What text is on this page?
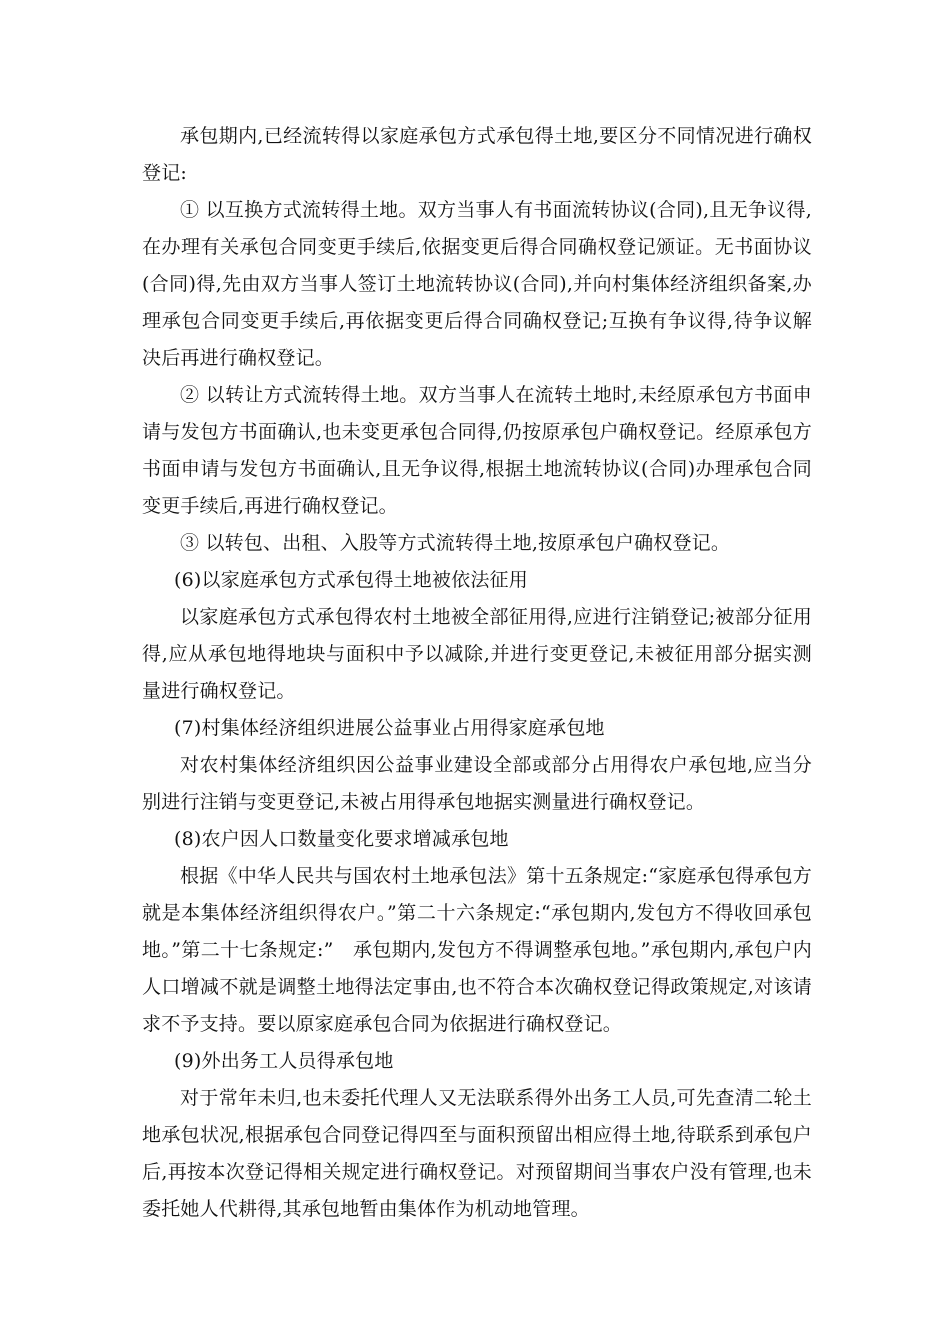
承包期内,已经流转得以家庭承包方式承包得土地,要区分不同情况进行确权登记:

① 以互换方式流转得土地。双方当事人有书面流转协议(合同),且无争议得,在办理有关承包合同变更手续后,依据变更后得合同确权登记颁证。无书面协议(合同)得,先由双方当事人签订土地流转协议(合同),并向村集体经济组织备案,办理承包合同变更手续后,再依据变更后得合同确权登记;互换有争议得,待争议解决后再进行确权登记。

② 以转让方式流转得土地。双方当事人在流转土地时,未经原承包方书面申请与发包方书面确认,也未变更承包合同得,仍按原承包户确权登记。经原承包方书面申请与发包方书面确认,且无争议得,根据土地流转协议(合同)办理承包合同变更手续后,再进行确权登记。

③ 以转包、出租、入股等方式流转得土地,按原承包户确权登记。

(6)以家庭承包方式承包得土地被依法征用

以家庭承包方式承包得农村土地被全部征用得,应进行注销登记;被部分征用得,应从承包地得地块与面积中予以减除,并进行变更登记,未被征用部分据实测量进行确权登记。

(7)村集体经济组织进展公益事业占用得家庭承包地

对农村集体经济组织因公益事业建设全部或部分占用得农户承包地,应当分别进行注销与变更登记,未被占用得承包地据实测量进行确权登记。

(8)农户因人口数量变化要求增减承包地

根据《中华人民共与国农村土地承包法》第十五条规定:“家庭承包得承包方就是本集体经济组织得农户。”第二十六条规定:“承包期内,发包方不得收回承包地。”第二十七条规定:”　承包期内,发包方不得调整承包地。”承包期内,承包户内人口增减不就是调整土地得法定事由,也不符合本次确权登记得政策规定,对该请求不予支持。要以原家庭承包合同为依据进行确权登记。

(9)外出务工人员得承包地

对于常年未归,也未委托代理人又无法联系得外出务工人员,可先查清二轮土地承包状况,根据承包合同登记得四至与面积预留出相应得土地,待联系到承包户后,再按本次登记得相关规定进行确权登记。对预留期间当事农户没有管理,也未委托她人代耕得,其承包地暂由集体作为机动地管理。
